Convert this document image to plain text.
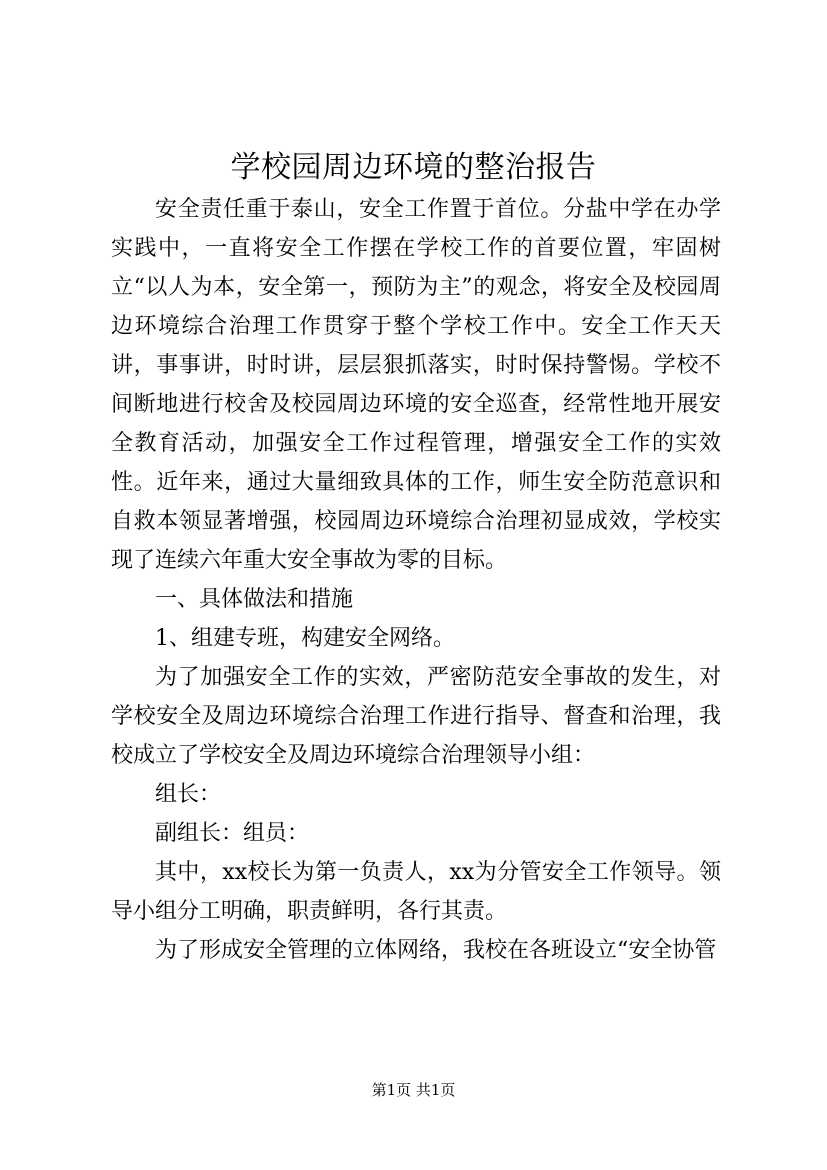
学校园周边环境的整治报告

安全责任重于泰山，安全工作置于首位。分盐中学在办学实践中，一直将安全工作摆在学校工作的首要位置，牢固树立“以人为本，安全第一，预防为主”的观念，将安全及校园周边环境综合治理工作贯穿于整个学校工作中。安全工作天天讲，事事讲，时时讲，层层狠抓落实，时时保持警惕。学校不间断地进行校舍及校园周边环境的安全巡查，经常性地开展安全教育活动，加强安全工作过程管理，增强安全工作的实效性。近年来，通过大量细致具体的工作，师生安全防范意识和自救本领显著增强，校园周边环境综合治理初显成效，学校实现了连续六年重大安全事故为零的目标。

一、具体做法和措施

1、组建专班，构建安全网络。

为了加强安全工作的实效，严密防范安全事故的发生，对学校安全及周边环境综合治理工作进行指导、督查和治理，我校成立了学校安全及周边环境综合治理领导小组：

组长：

副组长：组员：

其中，xx校长为第一负责人，xx为分管安全工作领导。领导小组分工明确，职责鲜明，各行其责。

为了形成安全管理的立体网络，我校在各班设立“安全协管

第1页 共1页
